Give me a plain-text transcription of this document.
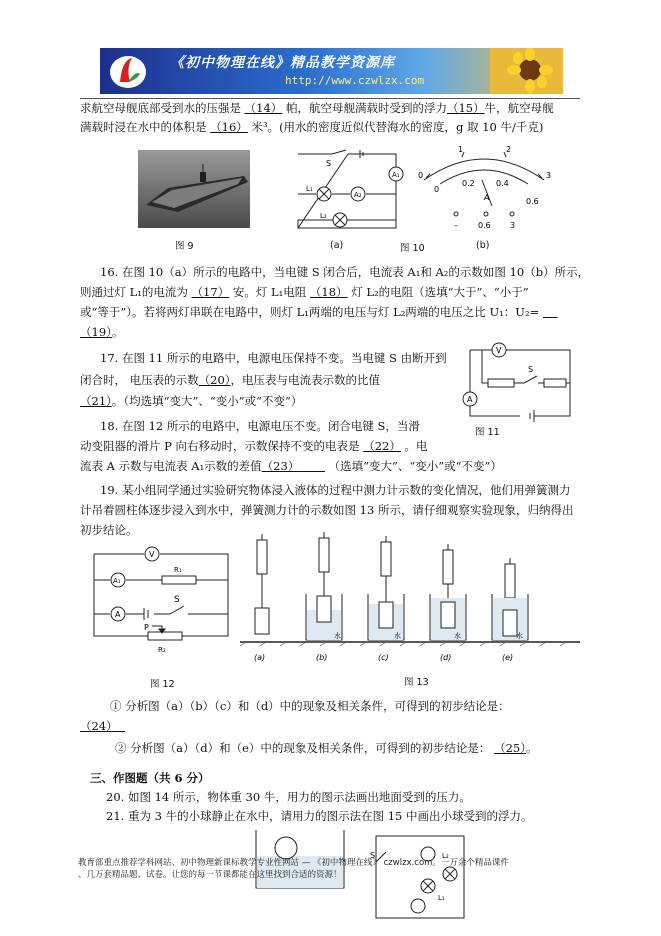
《初中物理在线》精品教学资源库
http://www.czwlzx.com
求航空母舰底部受到水的压强是 （14） 帕，航空母舰满载时受到的浮力（15）牛，航空母舰
满载时浸在水中的体积是 （16） 米³。(用水的密度近似代替海水的密度，g 取 10 牛/千克)
图 9
S
A₁
A₂
L₁
L₂
(a)	图 10
0
1	2
3
0
0.2	0.4
0.6
A
–	0.6 3
(b)
16. 在图 10（a）所示的电路中，当电键 S 闭合后，电流表 A₁和 A₂的示数如图 10（b）所示，
则通过灯 L₁的电流为 （17） 安。灯 L₁电阻 （18） 灯 L₂的电阻（选填“大于”、“小于”
或“等于”）。若将两灯串联在电路中，则灯 L₁两端的电压与灯 L₂两端的电压之比 U₁：U₂=
（19）。
17. 在图 11 所示的电路中，电源电压保持不变。当电键 S 由断开到
闭合时， 电压表的示数（20），电压表与电流表示数的比值
（21）。（均选填“变大”、“变小”或“不变”）
V
S
A
图 11
18. 在图 12 所示的电路中，电源电压不变。闭合电键 S，当滑
动变阻器的滑片 P 向右移动时，示数保持不变的电表是 （22） 。电
流表 A 示数与电流表 A₁示数的差值（23）	（选填“变大”、“变小”或“不变”）
19. 某小组同学通过实验研究物体浸入液体的过程中测力计示数的变化情况，他们用弹簧测力
计吊着圆柱体逐步浸入到水中，弹簧测力计的示数如图 13 所示，请仔细观察实验现象，归纳得出
初步结论。
V
A₁
R₁
A
S
P
R₂
图 12
水	水	水	水
(a)	(b)	(c)	(d)	(e)
图 13
① 分析图（a）（b）（c）和（d）中的现象及相关条件，可得到的初步结论是：
（24）
② 分析图（a）（d）和（e）中的现象及相关条件，可得到的初步结论是： （25）。
三、作图题（共 6 分）
20. 如图 14 所示，物体重 30 牛，用力的图示法画出地面受到的压力。
21. 重为 3 牛的小球静止在水中，请用力的图示法在图 15 中画出小球受到的浮力。
S	L₂
L₁
教育部重点推荐学科网站、初中物理新课标教学专业性网站 — 《初中物理在线》 czwlzx.com。一万余个精品课件
、几万套精品题、试卷。让您的每一节课都能在这里找到合适的资源！
